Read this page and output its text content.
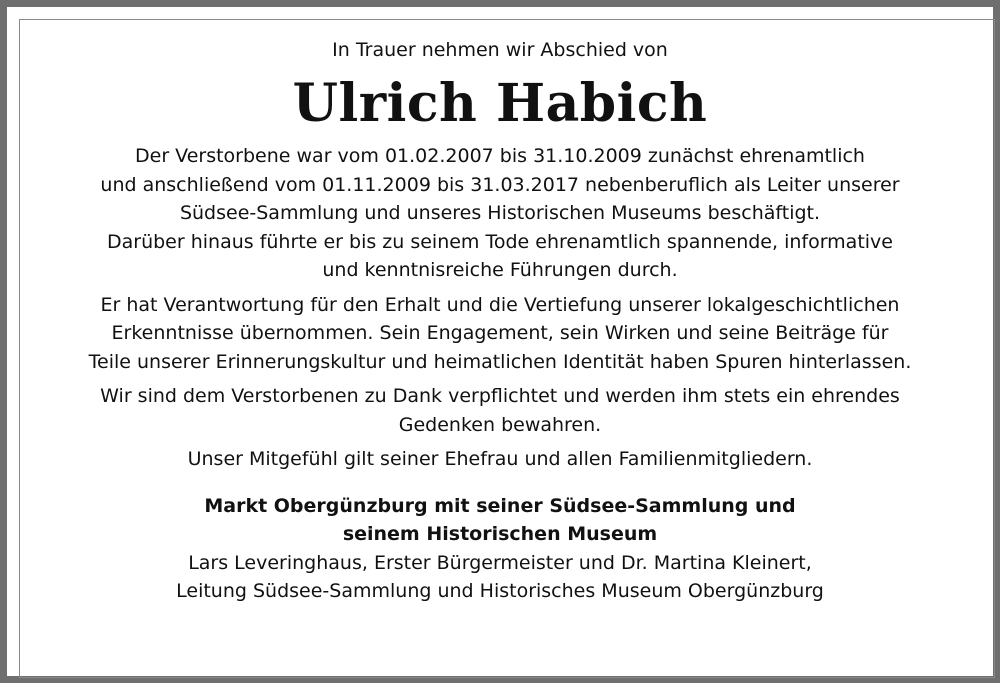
In Trauer nehmen wir Abschied von

Ulrich Habich

Der Verstorbene war vom 01.02.2007 bis 31.10.2009 zunächst ehrenamtlich
und anschließend vom 01.11.2009 bis 31.03.2017 nebenberuflich als Leiter unserer
Südsee-Sammlung und unseres Historischen Museums beschäftigt.
Darüber hinaus führte er bis zu seinem Tode ehrenamtlich spannende, informative
und kenntnisreiche Führungen durch.

Er hat Verantwortung für den Erhalt und die Vertiefung unserer lokalgeschichtlichen
Erkenntnisse übernommen. Sein Engagement, sein Wirken und seine Beiträge für
Teile unserer Erinnerungskultur und heimatlichen Identität haben Spuren hinterlassen.

Wir sind dem Verstorbenen zu Dank verpflichtet und werden ihm stets ein ehrendes
Gedenken bewahren.

Unser Mitgefühl gilt seiner Ehefrau und allen Familienmitgliedern.

Markt Obergünzburg mit seiner Südsee-Sammlung und
seinem Historischen Museum
Lars Leveringhaus, Erster Bürgermeister und Dr. Martina Kleinert,
Leitung Südsee-Sammlung und Historisches Museum Obergünzburg
